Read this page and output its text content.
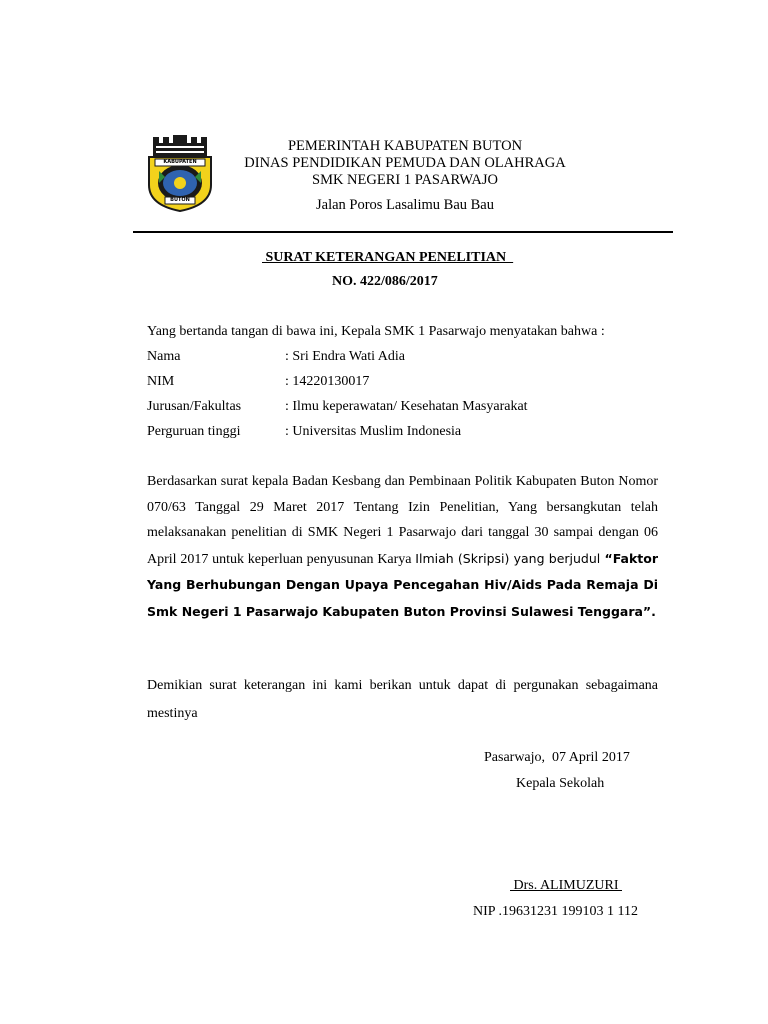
KABUPATEN
BUTON
PEMERINTAH KABUPATEN BUTON
DINAS PENDIDIKAN PEMUDA DAN OLAHRAGA
SMK NEGERI 1 PASARWAJO
Jalan Poros Lasalimu Bau Bau
SURAT KETERANGAN PENELITIAN
NO. 422/086/2017
Yang bertanda tangan di bawa ini, Kepala SMK 1 Pasarwajo menyatakan bahwa :
Nama	: Sri Endra Wati Adia
NIM	: 14220130017
Jurusan/Fakultas	: Ilmu keperawatan/ Kesehatan Masyarakat
Perguruan tinggi	: Universitas Muslim Indonesia
Berdasarkan surat kepala Badan Kesbang dan Pembinaan Politik Kabupaten Buton Nomor 070/63 Tanggal 29 Maret 2017 Tentang Izin Penelitian, Yang bersangkutan telah melaksanakan penelitian di SMK Negeri 1 Pasarwajo dari tanggal 30 sampai dengan 06 April 2017 untuk keperluan penyusunan Karya Ilmiah (Skripsi) yang berjudul “Faktor Yang Berhubungan Dengan Upaya Pencegahan Hiv/Aids Pada Remaja Di Smk Negeri 1 Pasarwajo Kabupaten Buton Provinsi Sulawesi Tenggara”.
Demikian surat keterangan ini kami berikan untuk dapat di pergunakan sebagaimana mestinya
Pasarwajo,  07 April 2017
Kepala Sekolah
Drs. ALIMUZURI
NIP .19631231 199103 1 112
